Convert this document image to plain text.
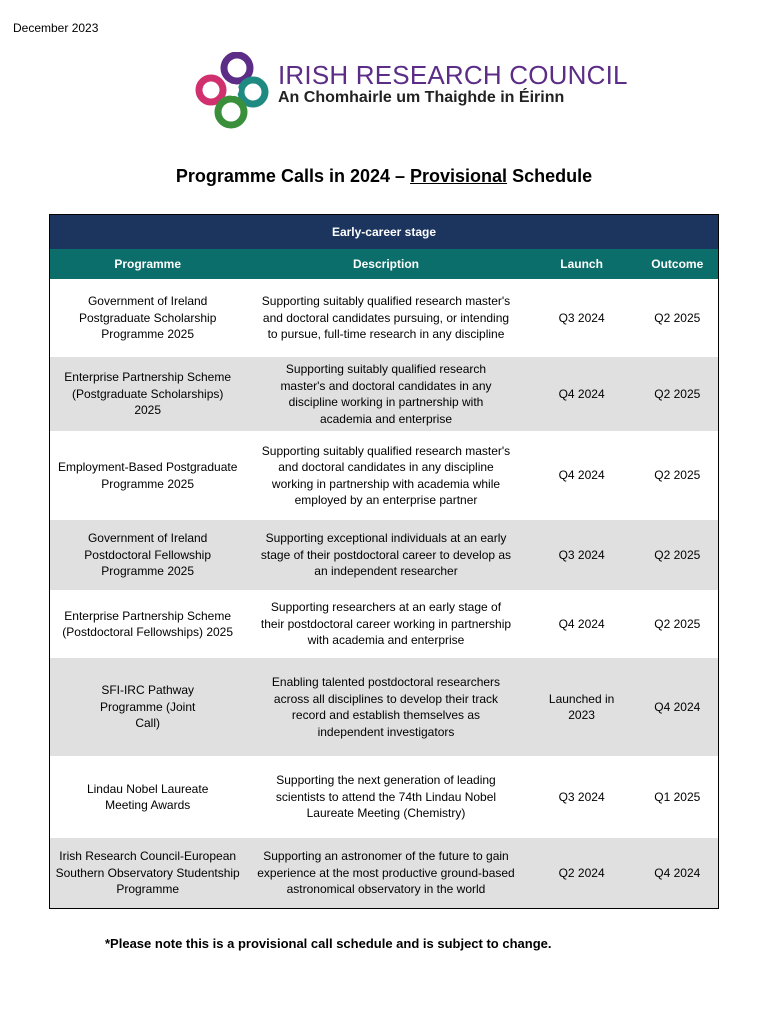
December 2023
IRISH RESEARCH COUNCIL
An Chomhairle um Thaighde in Éirinn
Programme Calls in 2024 – Provisional Schedule
Early-career stage			
Programme	Description	Launch	Outcome
Government of Ireland Postgraduate Scholarship Programme 2025	Supporting suitably qualified research master's and doctoral candidates pursuing, or intending to pursue, full-time research in any discipline	Q3 2024	Q2 2025
Enterprise Partnership Scheme (Postgraduate Scholarships) 2025	Supporting suitably qualified research master's and doctoral candidates in any discipline working in partnership with academia and enterprise	Q4 2024	Q2 2025
Employment-Based Postgraduate Programme 2025	Supporting suitably qualified research master's and doctoral candidates in any discipline working in partnership with academia while employed by an enterprise partner	Q4 2024	Q2 2025
Government of Ireland Postdoctoral Fellowship Programme 2025	Supporting exceptional individuals at an early stage of their postdoctoral career to develop as an independent researcher	Q3 2024	Q2 2025
Enterprise Partnership Scheme (Postdoctoral Fellowships) 2025	Supporting researchers at an early stage of their postdoctoral career working in partnership with academia and enterprise	Q4 2024	Q2 2025
SFI-IRC Pathway Programme (Joint Call)	Enabling talented postdoctoral researchers across all disciplines to develop their track record and establish themselves as independent investigators	Launched in 2023	Q4 2024
Lindau Nobel Laureate Meeting Awards	Supporting the next generation of leading scientists to attend the 74th Lindau Nobel Laureate Meeting (Chemistry)	Q3 2024	Q1 2025
Irish Research Council-European Southern Observatory Studentship Programme	Supporting an astronomer of the future to gain experience at the most productive ground-based astronomical observatory in the world	Q2 2024	Q4 2024
*Please note this is a provisional call schedule and is subject to change.
